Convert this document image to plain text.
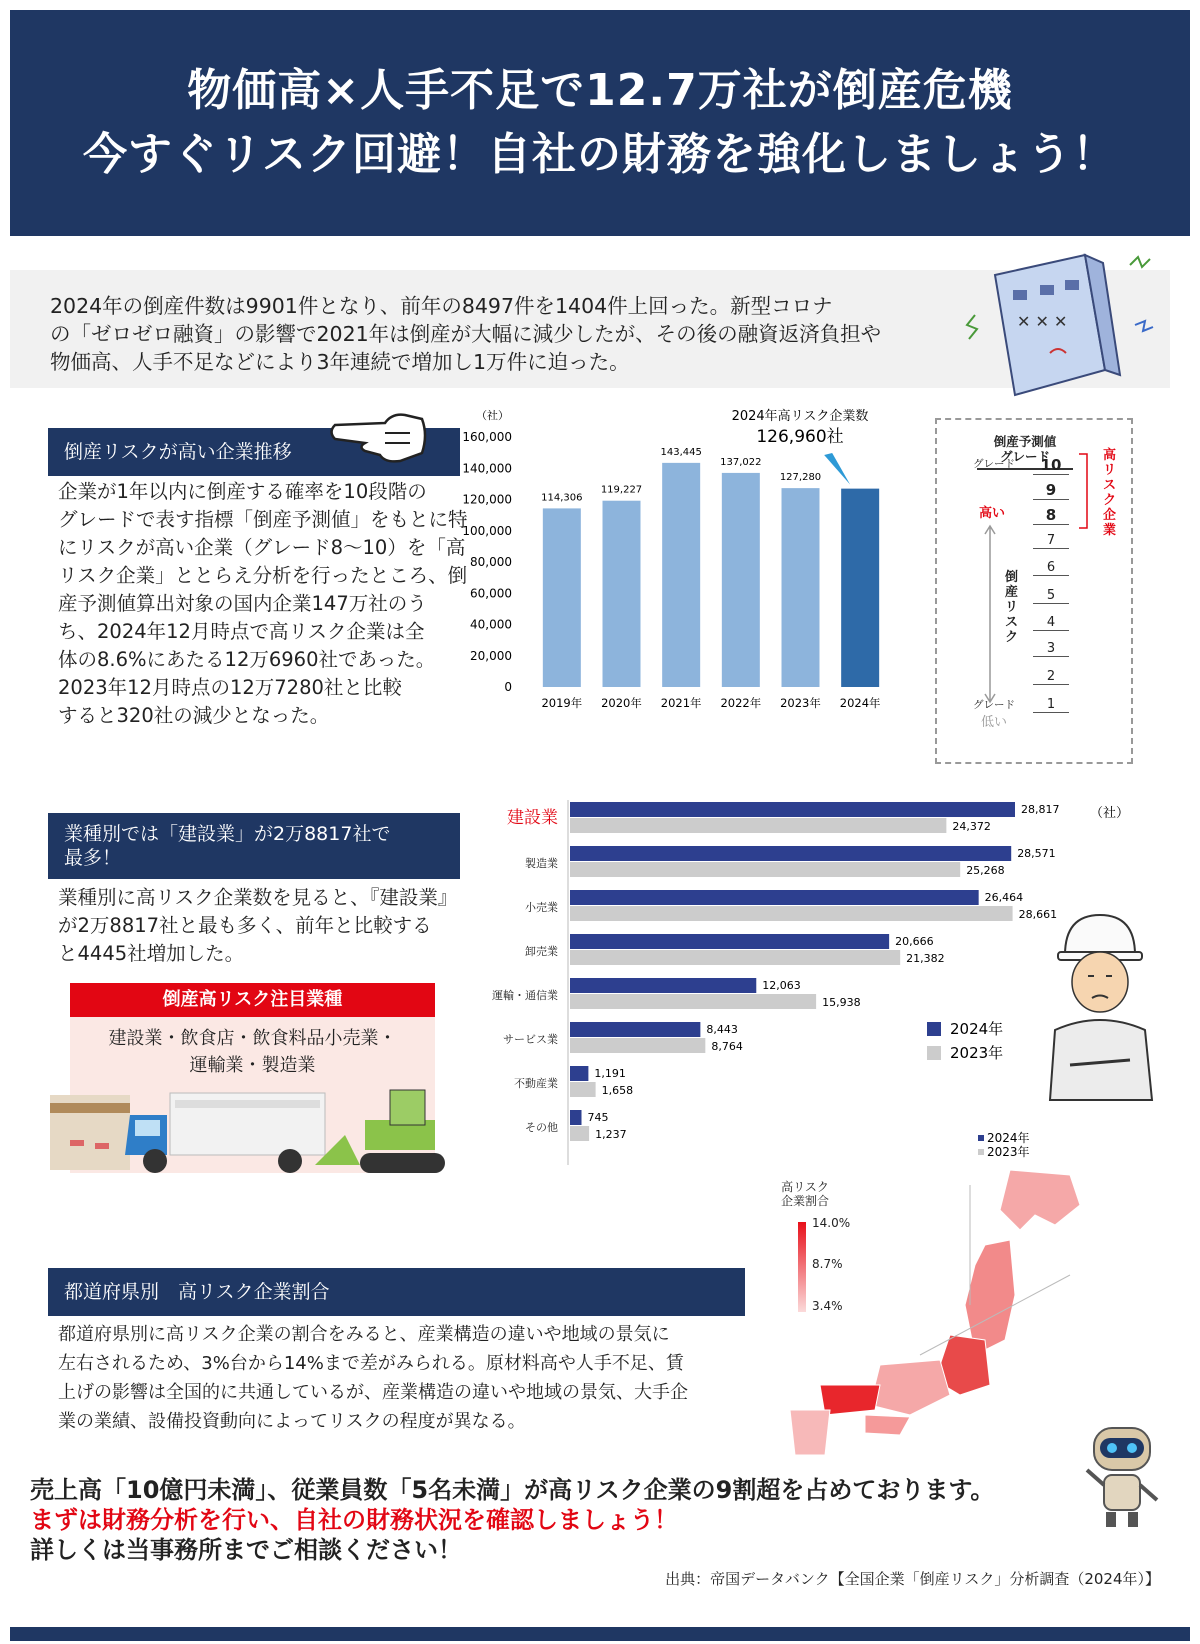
物価高×人手不足で12.7万社が倒産危機
今すぐリスク回避！自社の財務を強化しましょう！
2024年の倒産件数は9901件となり、前年の8497件を1404件上回った。新型コロナ
の「ゼロゼロ融資」の影響で2021年は倒産が大幅に減少したが、その後の融資返済負担や
物価高、人手不足などにより3年連続で増加し1万件に迫った。
✕ ✕ ✕
倒産リスクが高い企業推移
企業が1年以内に倒産する確率を10段階の
グレードで表す指標「倒産予測値」をもとに特
にリスクが高い企業（グレード8～10）を「高
リスク企業」ととらえ分析を行ったところ、倒
産予測値算出対象の国内企業147万社のう
ち、2024年12月時点で高リスク企業は全
体の8.6%にあたる12万6960社であった。
2023年12月時点の12万7280社と比較
すると320社の減少となった。
（社）
0
20,000
40,000
60,000
80,000
100,000
120,000
140,000
160,000
114,306
2019年
119,227
2020年
143,445
2021年
137,022
2022年
127,280
2023年 2024年
2024年高リスク企業数
126,960社	倒産予測値
グレード
10
グレード
9
8
7
6
5
4
3
2
1
グレード
高い
低い
倒産リスク
高リスク企業
業種別では「建設業」が2万8817社で
最多！
業種別に高リスク企業数を見ると、『建設業』
が2万8817社と最も多く、前年と比較する
と4445社増加した。
倒産高リスク注目業種
建設業・飲食店・飲食料品小売業・
運輸業・製造業
（社）
建設業	28,817
24,372
製造業
28,571
25,268
小売業
26,464
28,661
卸売業
20,666
21,382
運輸・通信業
12,063
15,938
サービス業
8,443
8,764
不動産業
1,191
1,658
その他
745
1,237
2024年
2023年
2024年
2023年
都道府県別　高リスク企業割合
都道府県別に高リスク企業の割合をみると、産業構造の違いや地域の景気に
左右されるため、3%台から14%まで差がみられる。原材料高や人手不足、賃
上げの影響は全国的に共通しているが、産業構造の違いや地域の景気、大手企
業の業績、設備投資動向によってリスクの程度が異なる。
高リスク
企業割合
14.0%
8.7%
3.4%
売上高「10億円未満」、従業員数「5名未満」が高リスク企業の9割超を占めております。
まずは財務分析を行い、自社の財務状況を確認しましょう！
詳しくは当事務所までご相談ください！
出典：帝国データバンク【全国企業「倒産リスク」分析調査（2024年）】
